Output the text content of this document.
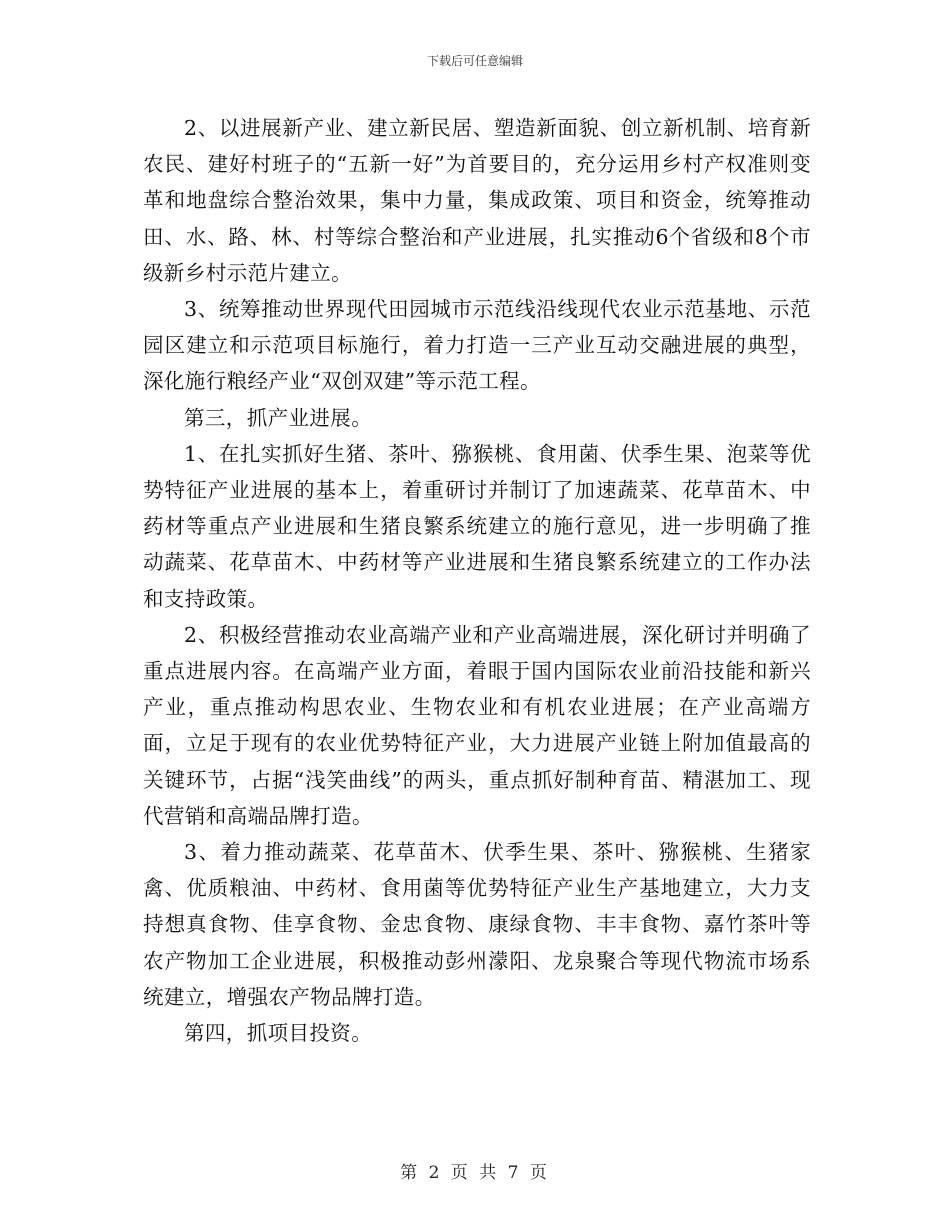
下载后可任意编辑

2、以进展新产业、建立新民居、塑造新面貌、创立新机制、培育新农民、建好村班子的“五新一好”为首要目的，充分运用乡村产权准则变革和地盘综合整治效果，集中力量，集成政策、项目和资金，统筹推动田、水、路、林、村等综合整治和产业进展，扎实推动6个省级和8个市级新乡村示范片建立。

3、统筹推动世界现代田园城市示范线沿线现代农业示范基地、示范园区建立和示范项目标施行，着力打造一三产业互动交融进展的典型，深化施行粮经产业“双创双建”等示范工程。

第三，抓产业进展。

1、在扎实抓好生猪、茶叶、猕猴桃、食用菌、伏季生果、泡菜等优势特征产业进展的基本上，着重研讨并制订了加速蔬菜、花草苗木、中药材等重点产业进展和生猪良繁系统建立的施行意见，进一步明确了推动蔬菜、花草苗木、中药材等产业进展和生猪良繁系统建立的工作办法和支持政策。

2、积极经营推动农业高端产业和产业高端进展，深化研讨并明确了重点进展内容。在高端产业方面，着眼于国内国际农业前沿技能和新兴产业，重点推动构思农业、生物农业和有机农业进展；在产业高端方面，立足于现有的农业优势特征产业，大力进展产业链上附加值最高的关键环节，占据“浅笑曲线”的两头，重点抓好制种育苗、精湛加工、现代营销和高端品牌打造。

3、着力推动蔬菜、花草苗木、伏季生果、茶叶、猕猴桃、生猪家禽、优质粮油、中药材、食用菌等优势特征产业生产基地建立，大力支持想真食物、佳享食物、金忠食物、康绿食物、丰丰食物、嘉竹茶叶等农产物加工企业进展，积极推动彭州濛阳、龙泉聚合等现代物流市场系统建立，增强农产物品牌打造。

第四，抓项目投资。

第 2 页 共 7 页
